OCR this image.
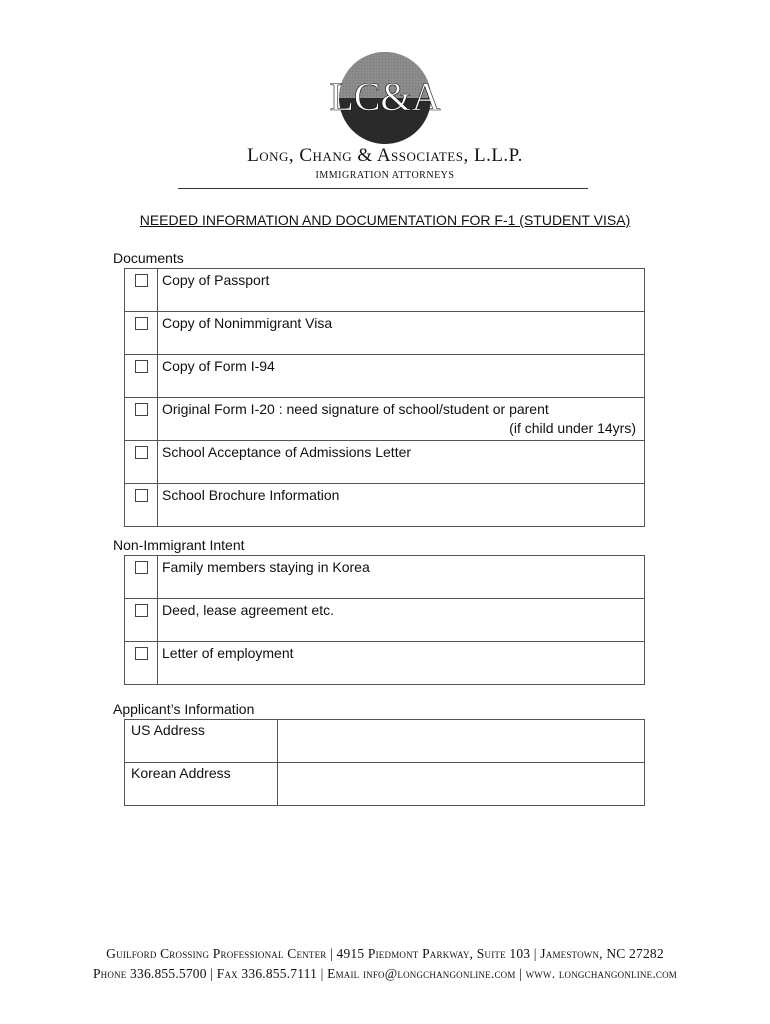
LC&A
Long, Chang & Associates, L.L.P.
IMMIGRATION ATTORNEYS
NEEDED INFORMATION AND DOCUMENTATION FOR F-1 (STUDENT VISA)
Documents
	Copy of Passport
	Copy of Nonimmigrant Visa
	Copy of Form I-94

	Original Form I-20 : need signature of school/student or parent
(if child under 14yrs)

	School Acceptance of Admissions Letter
	School Brochure Information
Non-Immigrant Intent
	Family members staying in Korea
	Deed, lease agreement etc.
	Letter of employment
Applicant’s Information
US Address	
Korean Address	
Guilford Crossing Professional Center | 4915 Piedmont Parkway, Suite 103 | Jamestown, NC 27282
Phone 336.855.5700 | Fax 336.855.7111 | Email info@longchangonline.com | www. longchangonline.com
